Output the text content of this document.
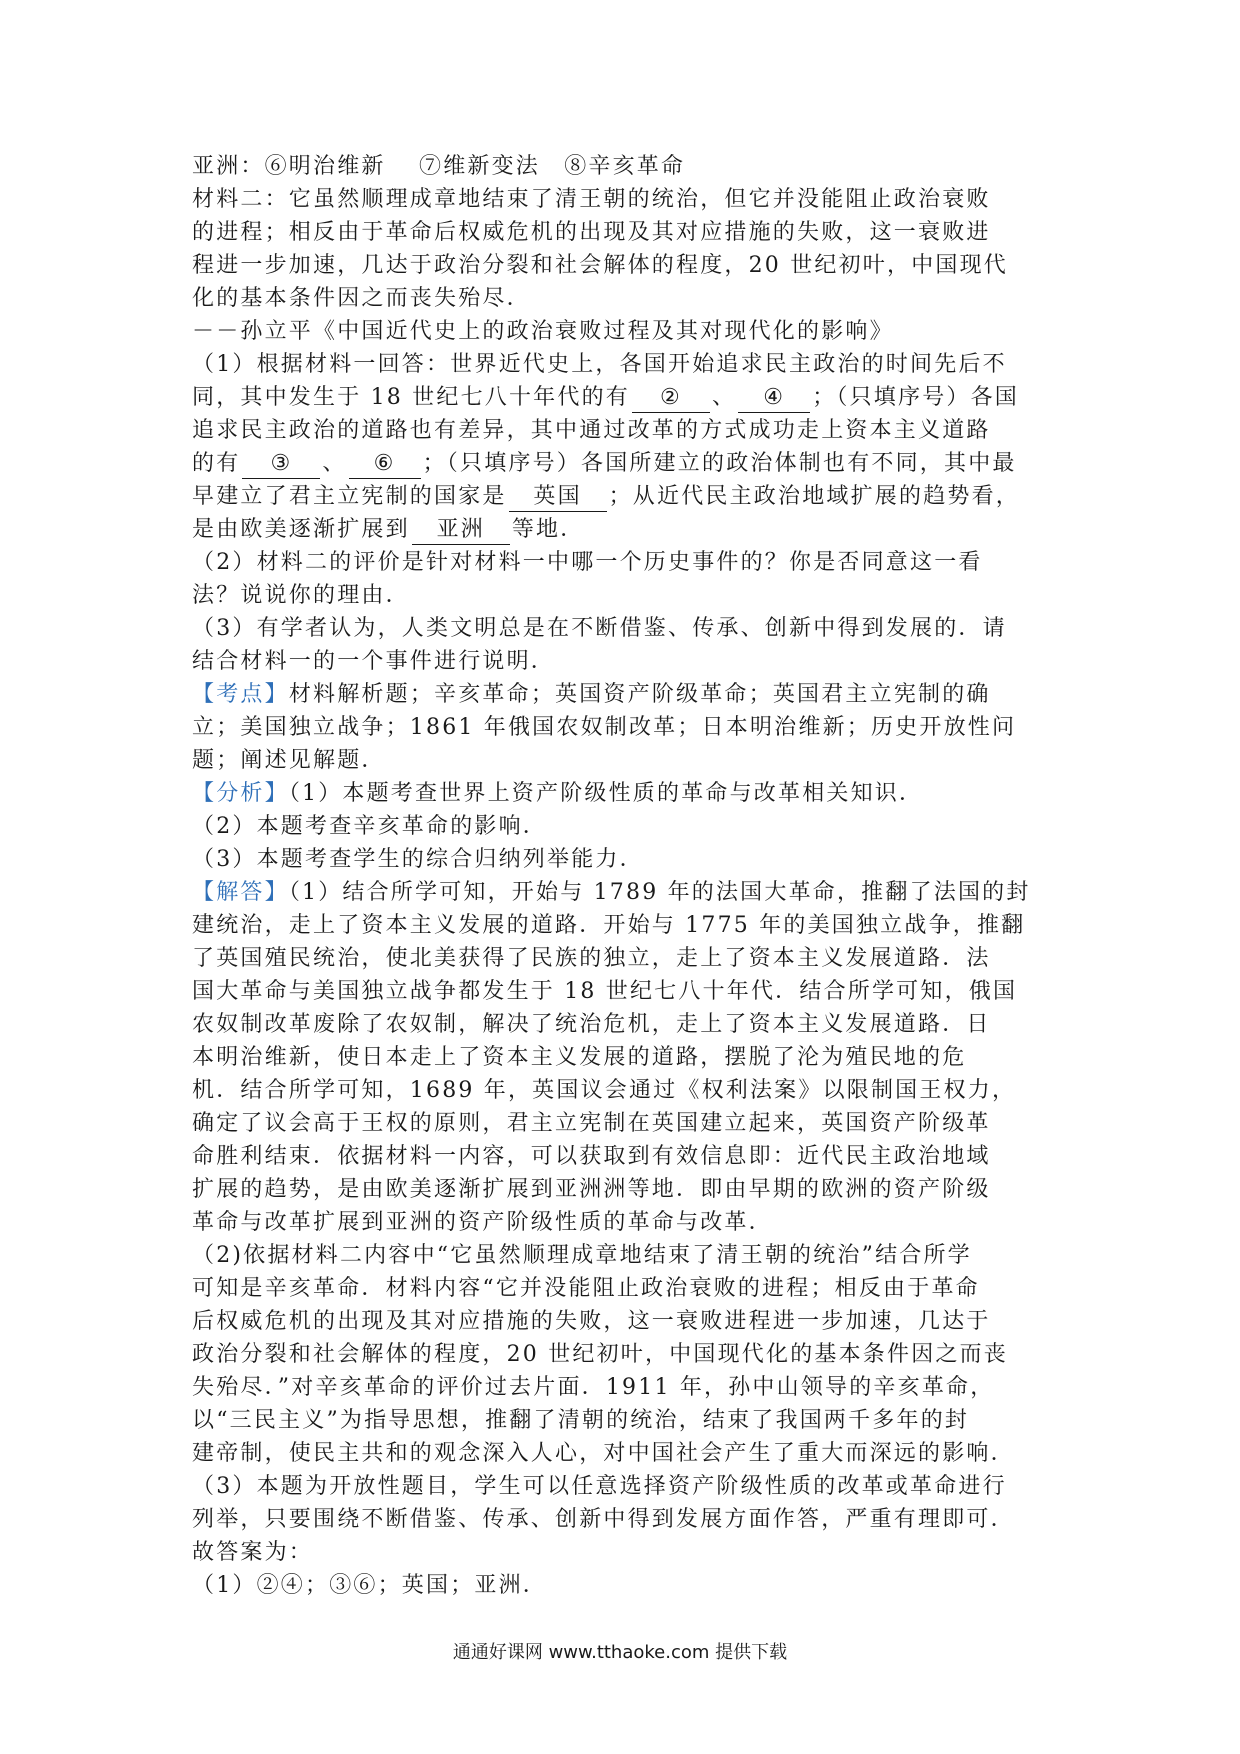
亚洲：⑥明治维新　 ⑦维新变法　⑧辛亥革命
材料二：它虽然顺理成章地结束了清王朝的统治，但它并没能阻止政治衰败
的进程；相反由于革命后权威危机的出现及其对应措施的失败，这一衰败进
程进一步加速，几达于政治分裂和社会解体的程度，20 世纪初叶，中国现代
化的基本条件因之而丧失殆尽．
－－孙立平《中国近代史上的政治衰败过程及其对现代化的影响》
（1）根据材料一回答：世界近代史上，各国开始追求民主政治的时间先后不
同，其中发生于 18 世纪七八十年代的有 ② 、 ④ ；（只填序号）各国
追求民主政治的道路也有差异，其中通过改革的方式成功走上资本主义道路
的有 ③ 、 ⑥ ；（只填序号）各国所建立的政治体制也有不同，其中最
早建立了君主立宪制的国家是 英国 ；从近代民主政治地域扩展的趋势看，
是由欧美逐渐扩展到 亚洲 等地．
（2）材料二的评价是针对材料一中哪一个历史事件的？你是否同意这一看
法？说说你的理由．
（3）有学者认为，人类文明总是在不断借鉴、传承、创新中得到发展的．请
结合材料一的一个事件进行说明．
【考点】材料解析题；辛亥革命；英国资产阶级革命；英国君主立宪制的确
立；美国独立战争；1861 年俄国农奴制改革；日本明治维新；历史开放性问
题；阐述见解题．
【分析】（1）本题考查世界上资产阶级性质的革命与改革相关知识．
（2）本题考查辛亥革命的影响．
（3）本题考查学生的综合归纳列举能力．
【解答】（1）结合所学可知，开始与 1789 年的法国大革命，推翻了法国的封
建统治，走上了资本主义发展的道路．开始与 1775 年的美国独立战争，推翻
了英国殖民统治，使北美获得了民族的独立，走上了资本主义发展道路．法
国大革命与美国独立战争都发生于 18 世纪七八十年代．结合所学可知，俄国
农奴制改革废除了农奴制，解决了统治危机，走上了资本主义发展道路．日
本明治维新，使日本走上了资本主义发展的道路，摆脱了沦为殖民地的危
机．结合所学可知，1689 年，英国议会通过《权利法案》以限制国王权力，
确定了议会高于王权的原则，君主立宪制在英国建立起来，英国资产阶级革
命胜利结束．依据材料一内容，可以获取到有效信息即：近代民主政治地域
扩展的趋势，是由欧美逐渐扩展到亚洲洲等地．即由早期的欧洲的资产阶级
革命与改革扩展到亚洲的资产阶级性质的革命与改革．
（2)依据材料二内容中“它虽然顺理成章地结束了清王朝的统治”结合所学
可知是辛亥革命．材料内容“它并没能阻止政治衰败的进程；相反由于革命
后权威危机的出现及其对应措施的失败，这一衰败进程进一步加速，几达于
政治分裂和社会解体的程度，20 世纪初叶，中国现代化的基本条件因之而丧
失殆尽．”对辛亥革命的评价过去片面．1911 年，孙中山领导的辛亥革命，
以“三民主义”为指导思想，推翻了清朝的统治，结束了我国两千多年的封
建帝制，使民主共和的观念深入人心，对中国社会产生了重大而深远的影响．
（3）本题为开放性题目，学生可以任意选择资产阶级性质的改革或革命进行
列举，只要围绕不断借鉴、传承、创新中得到发展方面作答，严重有理即可．
故答案为：
（1）②④；③⑥；英国；亚洲．
通通好课网 www.tthaoke.com 提供下载
